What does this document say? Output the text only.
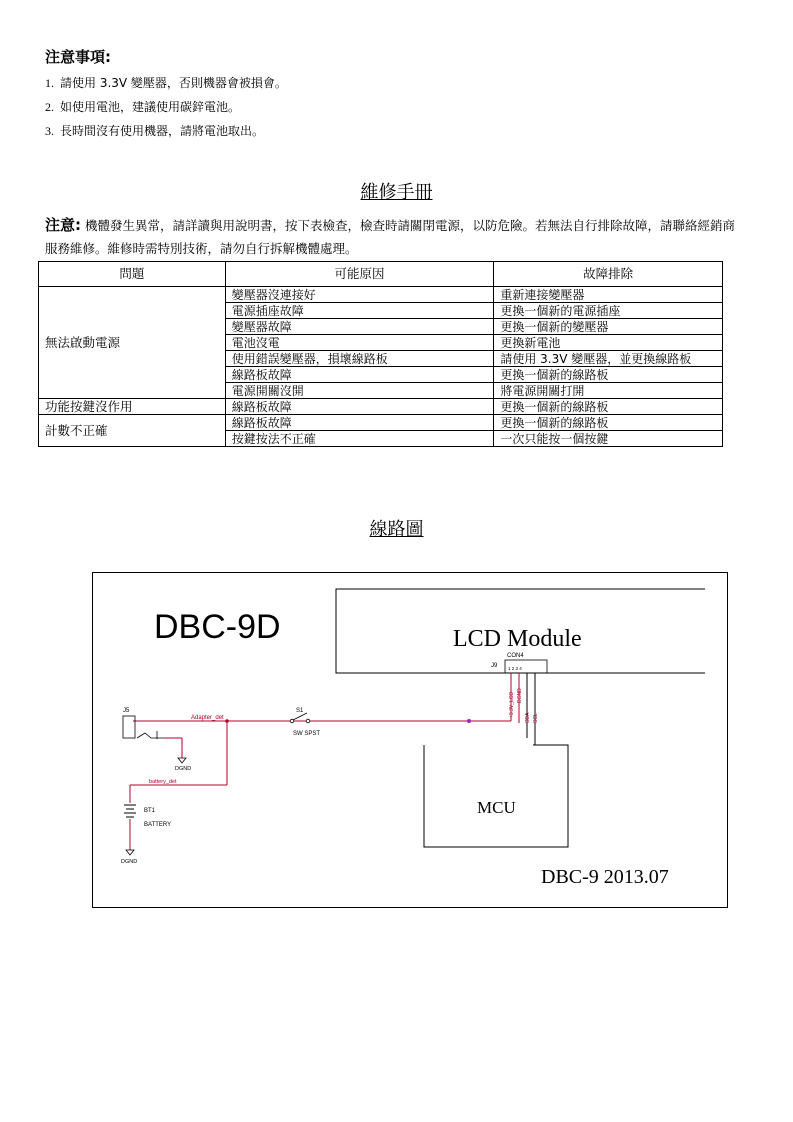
注意事項:
1. 請使用 3.3V 變壓器，否則機器會被損會。
2. 如使用電池，建議使用碳鋅電池。
3. 長時間沒有使用機器，請將電池取出。
維修手冊
注意: 機體發生異常，請詳讀與用說明書，按下表檢查，檢查時請關閉電源，以防危險。若無法自行排除故障，請聯絡經銷商服務維修。維修時需特別技術，請勿自行拆解機體處理。
問題	可能原因	故障排除
無法啟動電源	變壓器沒連接好	重新連接變壓器
	電源插座故障	更換一個新的電源插座
	變壓器故障	更換一個新的變壓器
	電池沒電	更換新電池
	使用錯誤變壓器，損壞線路板	請使用 3.3V 變壓器，並更換線路板
	線路板故障	更換一個新的線路板
	電源開關沒開	將電源開關打開
功能按鍵沒作用	線路板故障	更換一個新的線路板
計數不正確	線路板故障	更換一個新的線路板
	按鍵按法不正確	一次只能按一個按鍵
線路圖
DBC-9D	LCD Module
MCU
DBC-9 2013.07
J9
CON4
1 2 3 4
J5
Adapter_det
S1
SW SPST
DGND
battery_det
BT1
BATTERY
DGND
+3.3V_LCD DGND
SDA SCL
